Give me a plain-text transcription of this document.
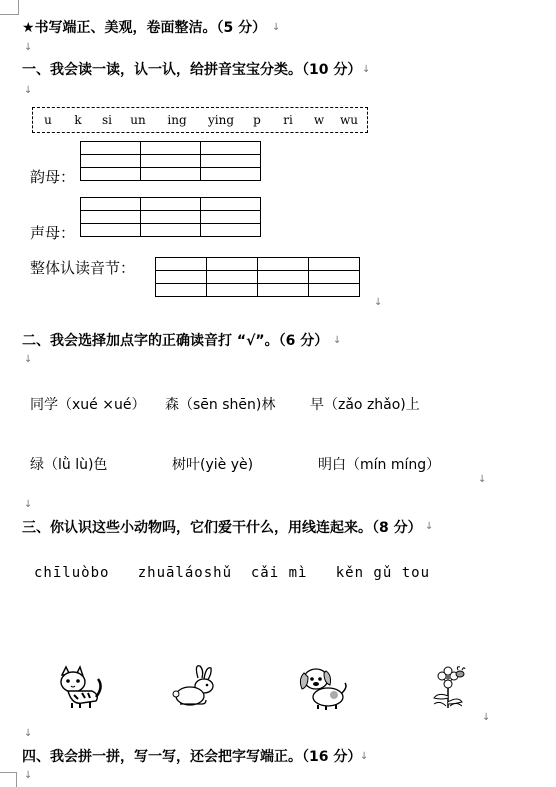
★书写端正、美观，卷面整洁。（5 分） ↓
↓
一、我会读一读，认一认，给拼音宝宝分类。（10 分） ↓
↓
u	k	si	un	ing	ying	p	ri	w	wu
韵母：

声母：

整体认读音节：

↓
二、我会选择加点字的正确读音打 “√”。（6 分） ↓
↓
同学（xué ×ué） 森（sēn shēn)林 早（zǎo zhǎo)上
绿（lǜ lù)色	树叶(yiè yè)	明白（mín míng）
↓
↓
三、你认识这些小动物吗，它们爱干什么，用线连起来。（8 分） ↓
chīluòbo   zhuāláoshǔ  cǎi mì   kěn gǔ tou
↓
↓
四、我会拼一拼，写一写，还会把字写端正。（16 分）
↓
↓
